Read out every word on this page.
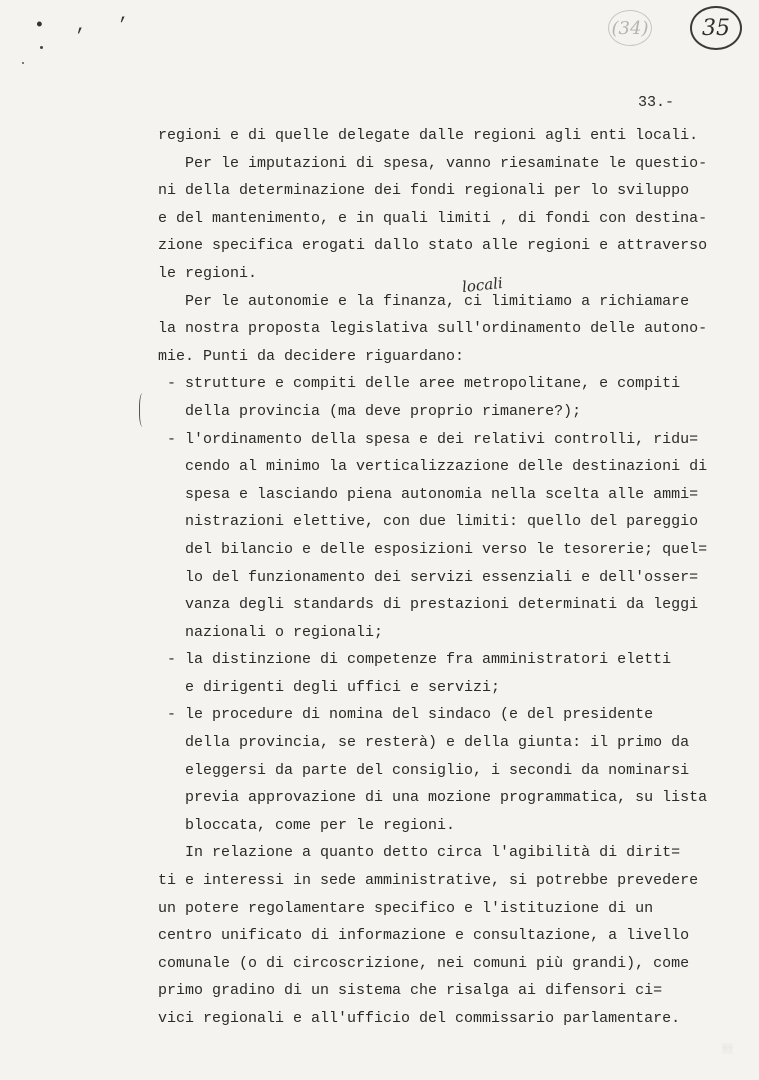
• , ’	(34)	35
33.-
locali
regioni e di quelle delegate dalle regioni agli enti locali.
Per le imputazioni di spesa, vanno riesaminate le questio-
ni della determinazione dei fondi regionali per lo sviluppo
e del mantenimento, e in quali limiti , di fondi con destina-
zione specifica erogati dallo stato alle regioni e attraverso
le regioni.
Per le autonomie e la finanza, ci limitiamo a richiamare
la nostra proposta legislativa sull'ordinamento delle autono-
mie. Punti da decidere riguardano:
- strutture e compiti delle aree metropolitane, e compiti
della provincia (ma deve proprio rimanere?);
- l'ordinamento della spesa e dei relativi controlli, ridu=
cendo al minimo la verticalizzazione delle destinazioni di
spesa e lasciando piena autonomia nella scelta alle ammi=
nistrazioni elettive, con due limiti: quello del pareggio
del bilancio e delle esposizioni verso le tesorerie; quel=
lo del funzionamento dei servizi essenziali e dell'osser=
vanza degli standards di prestazioni determinati da leggi
nazionali o regionali;
- la distinzione di competenze fra amministratori eletti
e dirigenti degli uffici e servizi;
- le procedure di nomina del sindaco (e del presidente
della provincia, se resterà) e della giunta: il primo da
eleggersi da parte del consiglio, i secondi da nominarsi
previa approvazione di una mozione programmatica, su lista
bloccata, come per le regioni.
In relazione a quanto detto circa l'agibilità di dirit=
ti e interessi in sede amministrative, si potrebbe prevedere
un potere regolamentare specifico e l'istituzione di un
centro unificato di informazione e consultazione, a livello
comunale (o di circoscrizione, nei comuni più grandi), come
primo gradino di un sistema che risalga ai difensori ci=
vici regionali e all'ufficio del commissario parlamentare.
░░
